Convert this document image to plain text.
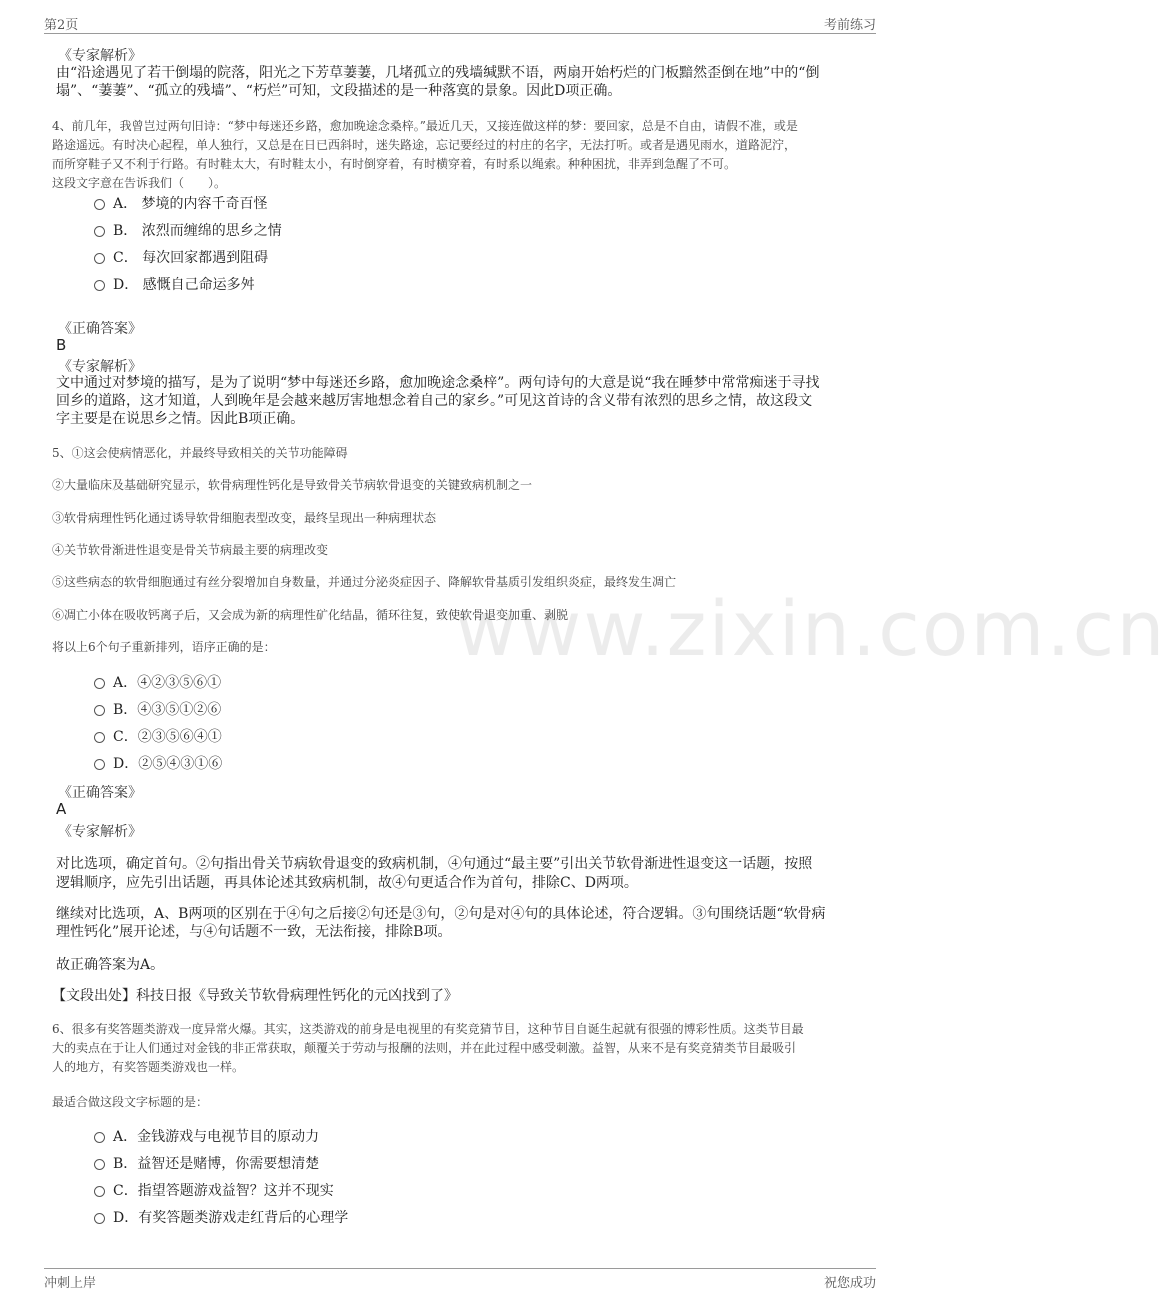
第2页	考前练习
www.zixin.com.cn
《专家解析》
由“沿途遇见了若干倒塌的院落，阳光之下芳草萋萋，几堵孤立的残墙缄默不语，两扇开始朽烂的门板黯然歪倒在地”中的“倒
塌”、“萋萋”、“孤立的残墙”、“朽烂”可知，文段描述的是一种落寞的景象。因此D项正确。
4、前几年，我曾岂过两句旧诗：“梦中每迷还乡路，愈加晚途念桑梓。”最近几天，又接连做这样的梦：要回家，总是不自由，请假不准，或是
路途遥远。有时决心起程，单人独行，又总是在日已西斜时，迷失路途，忘记要经过的村庄的名字，无法打听。或者是遇见雨水，道路泥泞，
而所穿鞋子又不利于行路。有时鞋太大，有时鞋太小，有时倒穿着，有时横穿着，有时系以绳索。种种困扰，非弄到急醒了不可。
这段文字意在告诉我们（　　）。
A． 梦境的内容千奇百怪
B． 浓烈而缠绵的思乡之情
C． 每次回家都遇到阻碍
D． 感慨自己命运多舛
《正确答案》
B
《专家解析》
文中通过对梦境的描写，是为了说明“梦中每迷还乡路，愈加晚途念桑梓”。两句诗句的大意是说“我在睡梦中常常痴迷于寻找
回乡的道路，这才知道，人到晚年是会越来越厉害地想念着自己的家乡。”可见这首诗的含义带有浓烈的思乡之情，故这段文
字主要是在说思乡之情。因此B项正确。
5、①这会使病情恶化，并最终导致相关的关节功能障碍
②大量临床及基础研究显示，软骨病理性钙化是导致骨关节病软骨退变的关键致病机制之一
③软骨病理性钙化通过诱导软骨细胞表型改变，最终呈现出一种病理状态
④关节软骨渐进性退变是骨关节病最主要的病理改变
⑤这些病态的软骨细胞通过有丝分裂增加自身数量，并通过分泌炎症因子、降解软骨基质引发组织炎症，最终发生凋亡
⑥凋亡小体在吸收钙离子后，又会成为新的病理性矿化结晶，循环往复，致使软骨退变加重、剥脱
将以上6个句子重新排列，语序正确的是：
A．④②③⑤⑥①
B．④③⑤①②⑥
C．②③⑤⑥④①
D．②⑤④③①⑥
《正确答案》
A
《专家解析》
对比选项，确定首句。②句指出骨关节病软骨退变的致病机制，④句通过“最主要”引出关节软骨渐进性退变这一话题，按照
逻辑顺序，应先引出话题，再具体论述其致病机制，故④句更适合作为首句，排除C、D两项。
继续对比选项，A、B两项的区别在于④句之后接②句还是③句，②句是对④句的具体论述，符合逻辑。③句围绕话题“软骨病
理性钙化”展开论述，与④句话题不一致，无法衔接，排除B项。
故正确答案为A。
【文段出处】科技日报《导致关节软骨病理性钙化的元凶找到了》
6、很多有奖答题类游戏一度异常火爆。其实，这类游戏的前身是电视里的有奖竞猜节目，这种节目自诞生起就有很强的博彩性质。这类节目最
大的卖点在于让人们通过对金钱的非正常获取，颠覆关于劳动与报酬的法则，并在此过程中感受刺激。益智，从来不是有奖竞猜类节目最吸引
人的地方，有奖答题类游戏也一样。
最适合做这段文字标题的是：
A．金钱游戏与电视节目的原动力
B．益智还是赌博，你需要想清楚
C．指望答题游戏益智？这并不现实
D．有奖答题类游戏走红背后的心理学
冲刺上岸	祝您成功
